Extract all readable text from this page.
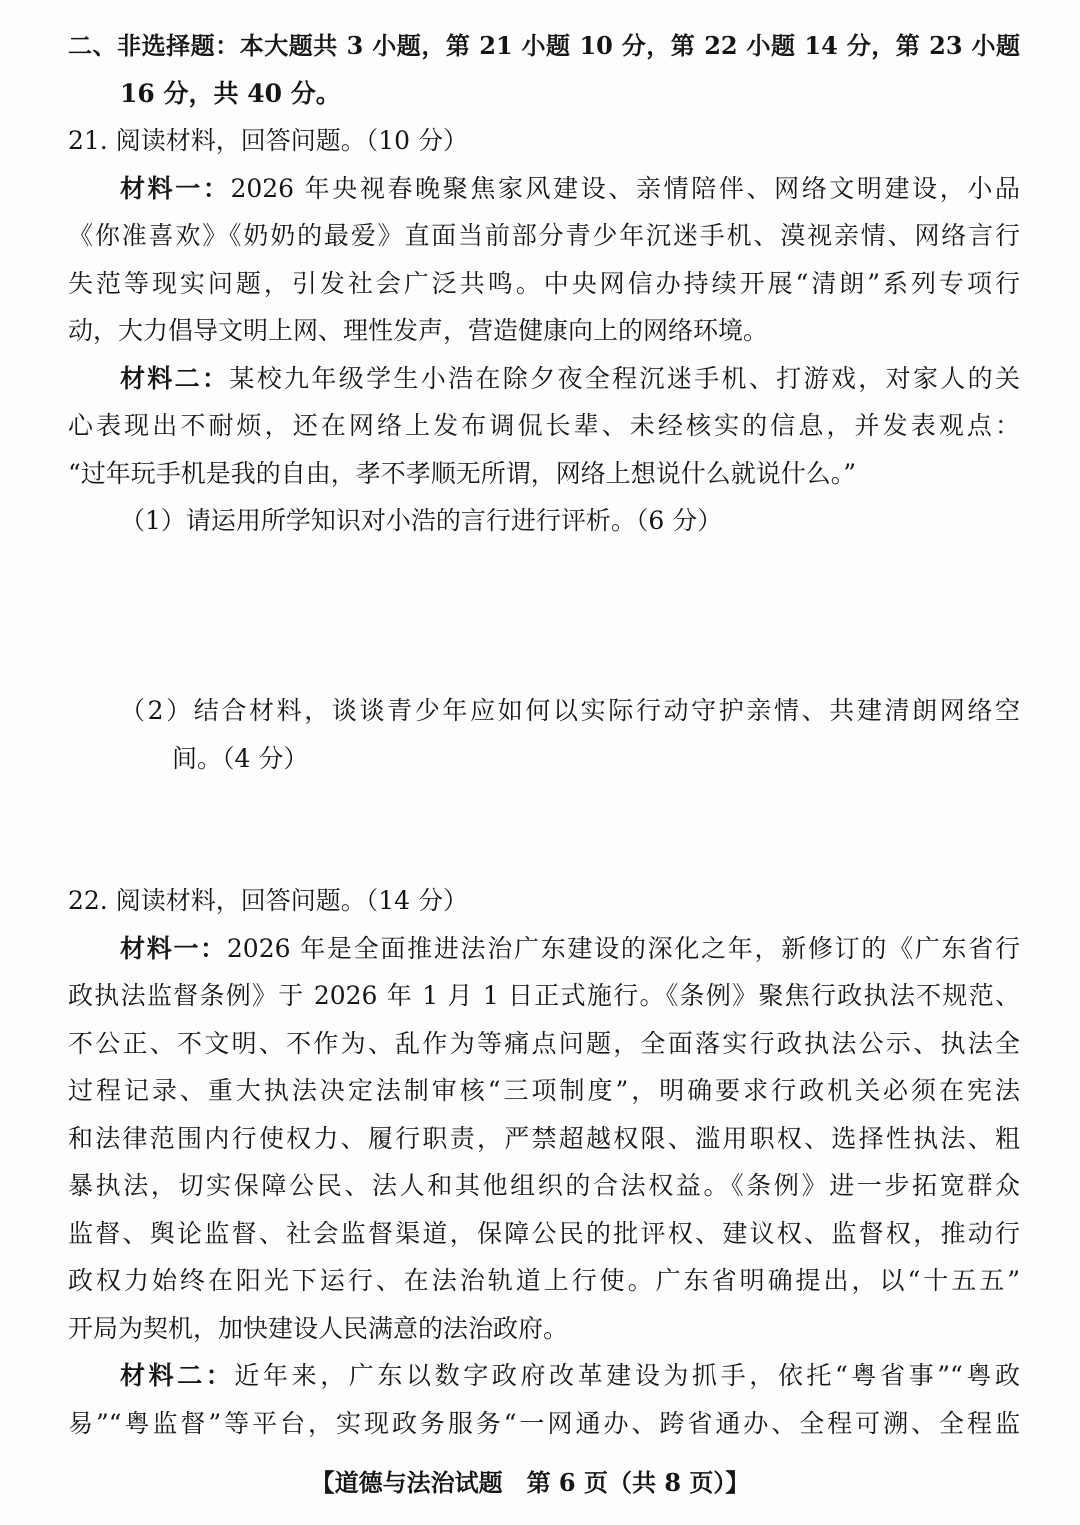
二、非选择题：本大题共 3 小题，第 21 小题 10 分，第 22 小题 14 分，第 23 小题
16 分，共 40 分。
21. 阅读材料，回答问题。（10 分）
材料一：2026 年央视春晚聚焦家风建设、亲情陪伴、网络文明建设，小品
《你准喜欢》《奶奶的最爱》直面当前部分青少年沉迷手机、漠视亲情、网络言行
失范等现实问题，引发社会广泛共鸣。中央网信办持续开展“清朗”系列专项行
动，大力倡导文明上网、理性发声，营造健康向上的网络环境。
材料二：某校九年级学生小浩在除夕夜全程沉迷手机、打游戏，对家人的关
心表现出不耐烦，还在网络上发布调侃长辈、未经核实的信息，并发表观点：
“过年玩手机是我的自由，孝不孝顺无所谓，网络上想说什么就说什么。”
（1）请运用所学知识对小浩的言行进行评析。（6 分）
（2）结合材料，谈谈青少年应如何以实际行动守护亲情、共建清朗网络空
间。（4 分）
22. 阅读材料，回答问题。（14 分）
材料一：2026 年是全面推进法治广东建设的深化之年，新修订的《广东省行
政执法监督条例》于 2026 年 1 月 1 日正式施行。《条例》聚焦行政执法不规范、
不公正、不文明、不作为、乱作为等痛点问题，全面落实行政执法公示、执法全
过程记录、重大执法决定法制审核“三项制度”，明确要求行政机关必须在宪法
和法律范围内行使权力、履行职责，严禁超越权限、滥用职权、选择性执法、粗
暴执法，切实保障公民、法人和其他组织的合法权益。《条例》进一步拓宽群众
监督、舆论监督、社会监督渠道，保障公民的批评权、建议权、监督权，推动行
政权力始终在阳光下运行、在法治轨道上行使。广东省明确提出，以“十五五”
开局为契机，加快建设人民满意的法治政府。
材料二：近年来，广东以数字政府改革建设为抓手，依托“粤省事”“粤政
易”“粤监督”等平台，实现政务服务“一网通办、跨省通办、全程可溯、全程监
【道德与法治试题　第 6 页（共 8 页）】
